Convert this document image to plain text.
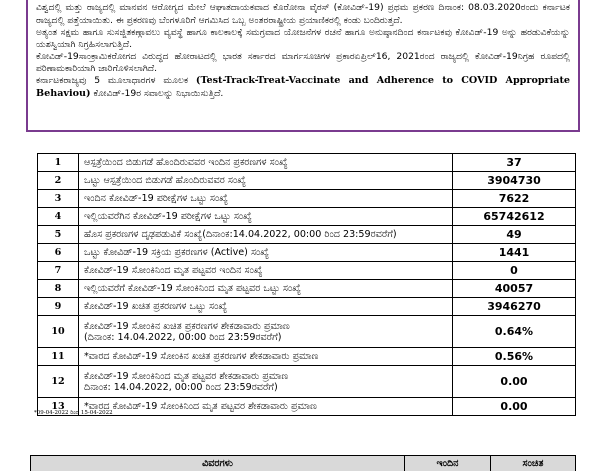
ವಿಶ್ವದಲ್ಲಿ ಮತ್ತು ರಾಜ್ಯದಲ್ಲಿ ಮಾನವನ ಆರೋಗ್ಯದ ಮೇಲೆ ಆಘಾತದಾಯಕವಾದ ಕೊರೋನಾ ವೈರಸ್ (ಕೋವಿಡ್-19) ಪ್ರಥಮ ಪ್ರಕರಣ ದಿನಾಂಕ: 08.03.2020ರಂದು ಕರ್ನಾಟಕ ರಾಜ್ಯದಲ್ಲಿ ಪತ್ತೆಯಾಯಿತು. ಈ ಪ್ರಕರಣವು ಬೆಂಗಳೂರಿಗೆ ಆಗಮಿಸಿದ ಒಬ್ಬ ಅಂತರರಾಷ್ಟ್ರೀಯ ಪ್ರಯಾಣಿಕರಲ್ಲಿ ಕಂಡು ಬಂದಿರುತ್ತದೆ.

ಅತ್ಯಂತ ಸಕ್ಷಮ ಹಾಗೂ ಸುಸಜ್ಜಿತಕಣ್ಗಾವಲು ವ್ಯವಸ್ಥೆ ಹಾಗೂ ಕಾಲಕಾಲಕ್ಕೆ ಸಮಗ್ರವಾದ ಯೋಜನೆಗಳ ರಚನೆ ಹಾಗೂ ಅನುಷ್ಠಾನದಿಂದ ಕರ್ನಾಟಕವು ಕೋವಿಡ್-19 ಅನ್ನು ಹರಡುವಿಕೆಯನ್ನು ಯಶಸ್ವಿಯಾಗಿ ನಿಗ್ರಹಿಸಲಾಗುತ್ತಿದೆ.

ಕೋವಿಡ್-19ಸಾಂಕ್ರಾಮಿಕರೋಗದ ವಿರುದ್ಧದ ಹೋರಾಟದಲ್ಲಿ ಭಾರತ ಸರ್ಕಾರದ ಮಾರ್ಗಸೂಚಿಗಳ ಪ್ರಕಾರಏಪ್ರಿಲ್16, 2021ರಂದ ರಾಜ್ಯದಲ್ಲಿ ಕೋವಿಡ್-19ನಿಗ್ರಹ ರೂಪದಲ್ಲಿ ಪರಿಣಾಮಕಾರಿಯಾಗಿ ಜಾರಿಗೊಳಿಸಲಾಗಿದೆ.

ಕರ್ನಾಟಕರಾಜ್ಯವು 5 ಮೂಲಾಧಾರಗಳ ಮೂಲಕ (Test-Track-Treat-Vaccinate and Adherence to COVID Appropriate Behaviou) ಕೋವಿಡ್-19ರ ಸವಾಲನ್ನು ನಿಭಾಯಿಸುತ್ತಿದೆ.

1	ಆಸ್ಪತ್ರೆಯಿಂದ ಬಿಡುಗಡೆ ಹೊಂದಿರುವವರ ಇಂದಿನ ಪ್ರಕರಣಗಳ ಸಂಖ್ಯೆ	37
2	ಒಟ್ಟು ಆಸ್ಪತ್ರೆಯಿಂದ ಬಿಡುಗಡೆ ಹೊಂದಿರುವವರ ಸಂಖ್ಯೆ	3904730
3	ಇಂದಿನ ಕೋವಿಡ್-19 ಪರೀಕ್ಷೆಗಳ ಒಟ್ಟು ಸಂಖ್ಯೆ	7622
4	ಇಲ್ಲಿಯವರೆಗಿನ ಕೋವಿಡ್-19 ಪರೀಕ್ಷೆಗಳ ಒಟ್ಟು ಸಂಖ್ಯೆ	65742612
5	ಹೊಸ ಪ್ರಕರಣಗಳ ದೃಢಪಡುವಿಕೆ ಸಂಖ್ಯೆ(ದಿನಾಂಕ:14.04.2022, 00:00 ರಿಂದ 23:59ರವರೆಗೆ)	49
6	ಒಟ್ಟು ಕೋವಿಡ್-19 ಸಕ್ರಿಯ ಪ್ರಕರಣಗಳ (Active) ಸಂಖ್ಯೆ	1441
7	ಕೋವಿಡ್-19 ಸೋಂಕಿನಿಂದ ಮೃತ ಪಟ್ಟವರ ಇಂದಿನ ಸಂಖ್ಯೆ	0
8	ಇಲ್ಲಿಯವರೆಗೆ ಕೋವಿಡ್-19 ಸೋಂಕಿನಿಂದ ಮೃತ ಪಟ್ಟವರ ಒಟ್ಟು ಸಂಖ್ಯೆ	40057
9	ಕೋವಿಡ್-19 ಖಚಿತ ಪ್ರಕರಣಗಳ ಒಟ್ಟು ಸಂಖ್ಯೆ	3946270
10	ಕೋವಿಡ್-19 ಸೋಂಕಿನ ಖಚಿತ ಪ್ರಕರಣಗಳ ಶೇಕಡಾವಾರು ಪ್ರಮಾಣ
(ದಿನಾಂಕ: 14.04.2022, 00:00 ರಿಂದ 23:59ರವರೆಗೆ)	0.64%
11	*ವಾರದ ಕೋವಿಡ್-19 ಸೋಂಕಿನ ಖಚಿತ ಪ್ರಕರಣಗಳ ಶೇಕಡಾವಾರು ಪ್ರಮಾಣ	0.56%
12	ಕೋವಿಡ್-19 ಸೋಂಕಿನಿಂದ ಮೃತ ಪಟ್ಟವರ ಶೇಕಡಾವಾರು ಪ್ರಮಾಣ
ದಿನಾಂಕ: 14.04.2022, 00:00 ರಿಂದ 23:59ರವರೆಗೆ)	0.00
13	*ವಾರದ ಕೋವಿಡ್-19 ಸೋಂಕಿನಿಂದ ಮೃತ ಪಟ್ಟವರ ಶೇಕಡಾವಾರು ಪ್ರಮಾಣ	0.00
*09-04-2022 ರಿಂದ 15-04-2022
ವಿವರಗಳು	ಇಂದಿನ	ಸಂಚಿತ
